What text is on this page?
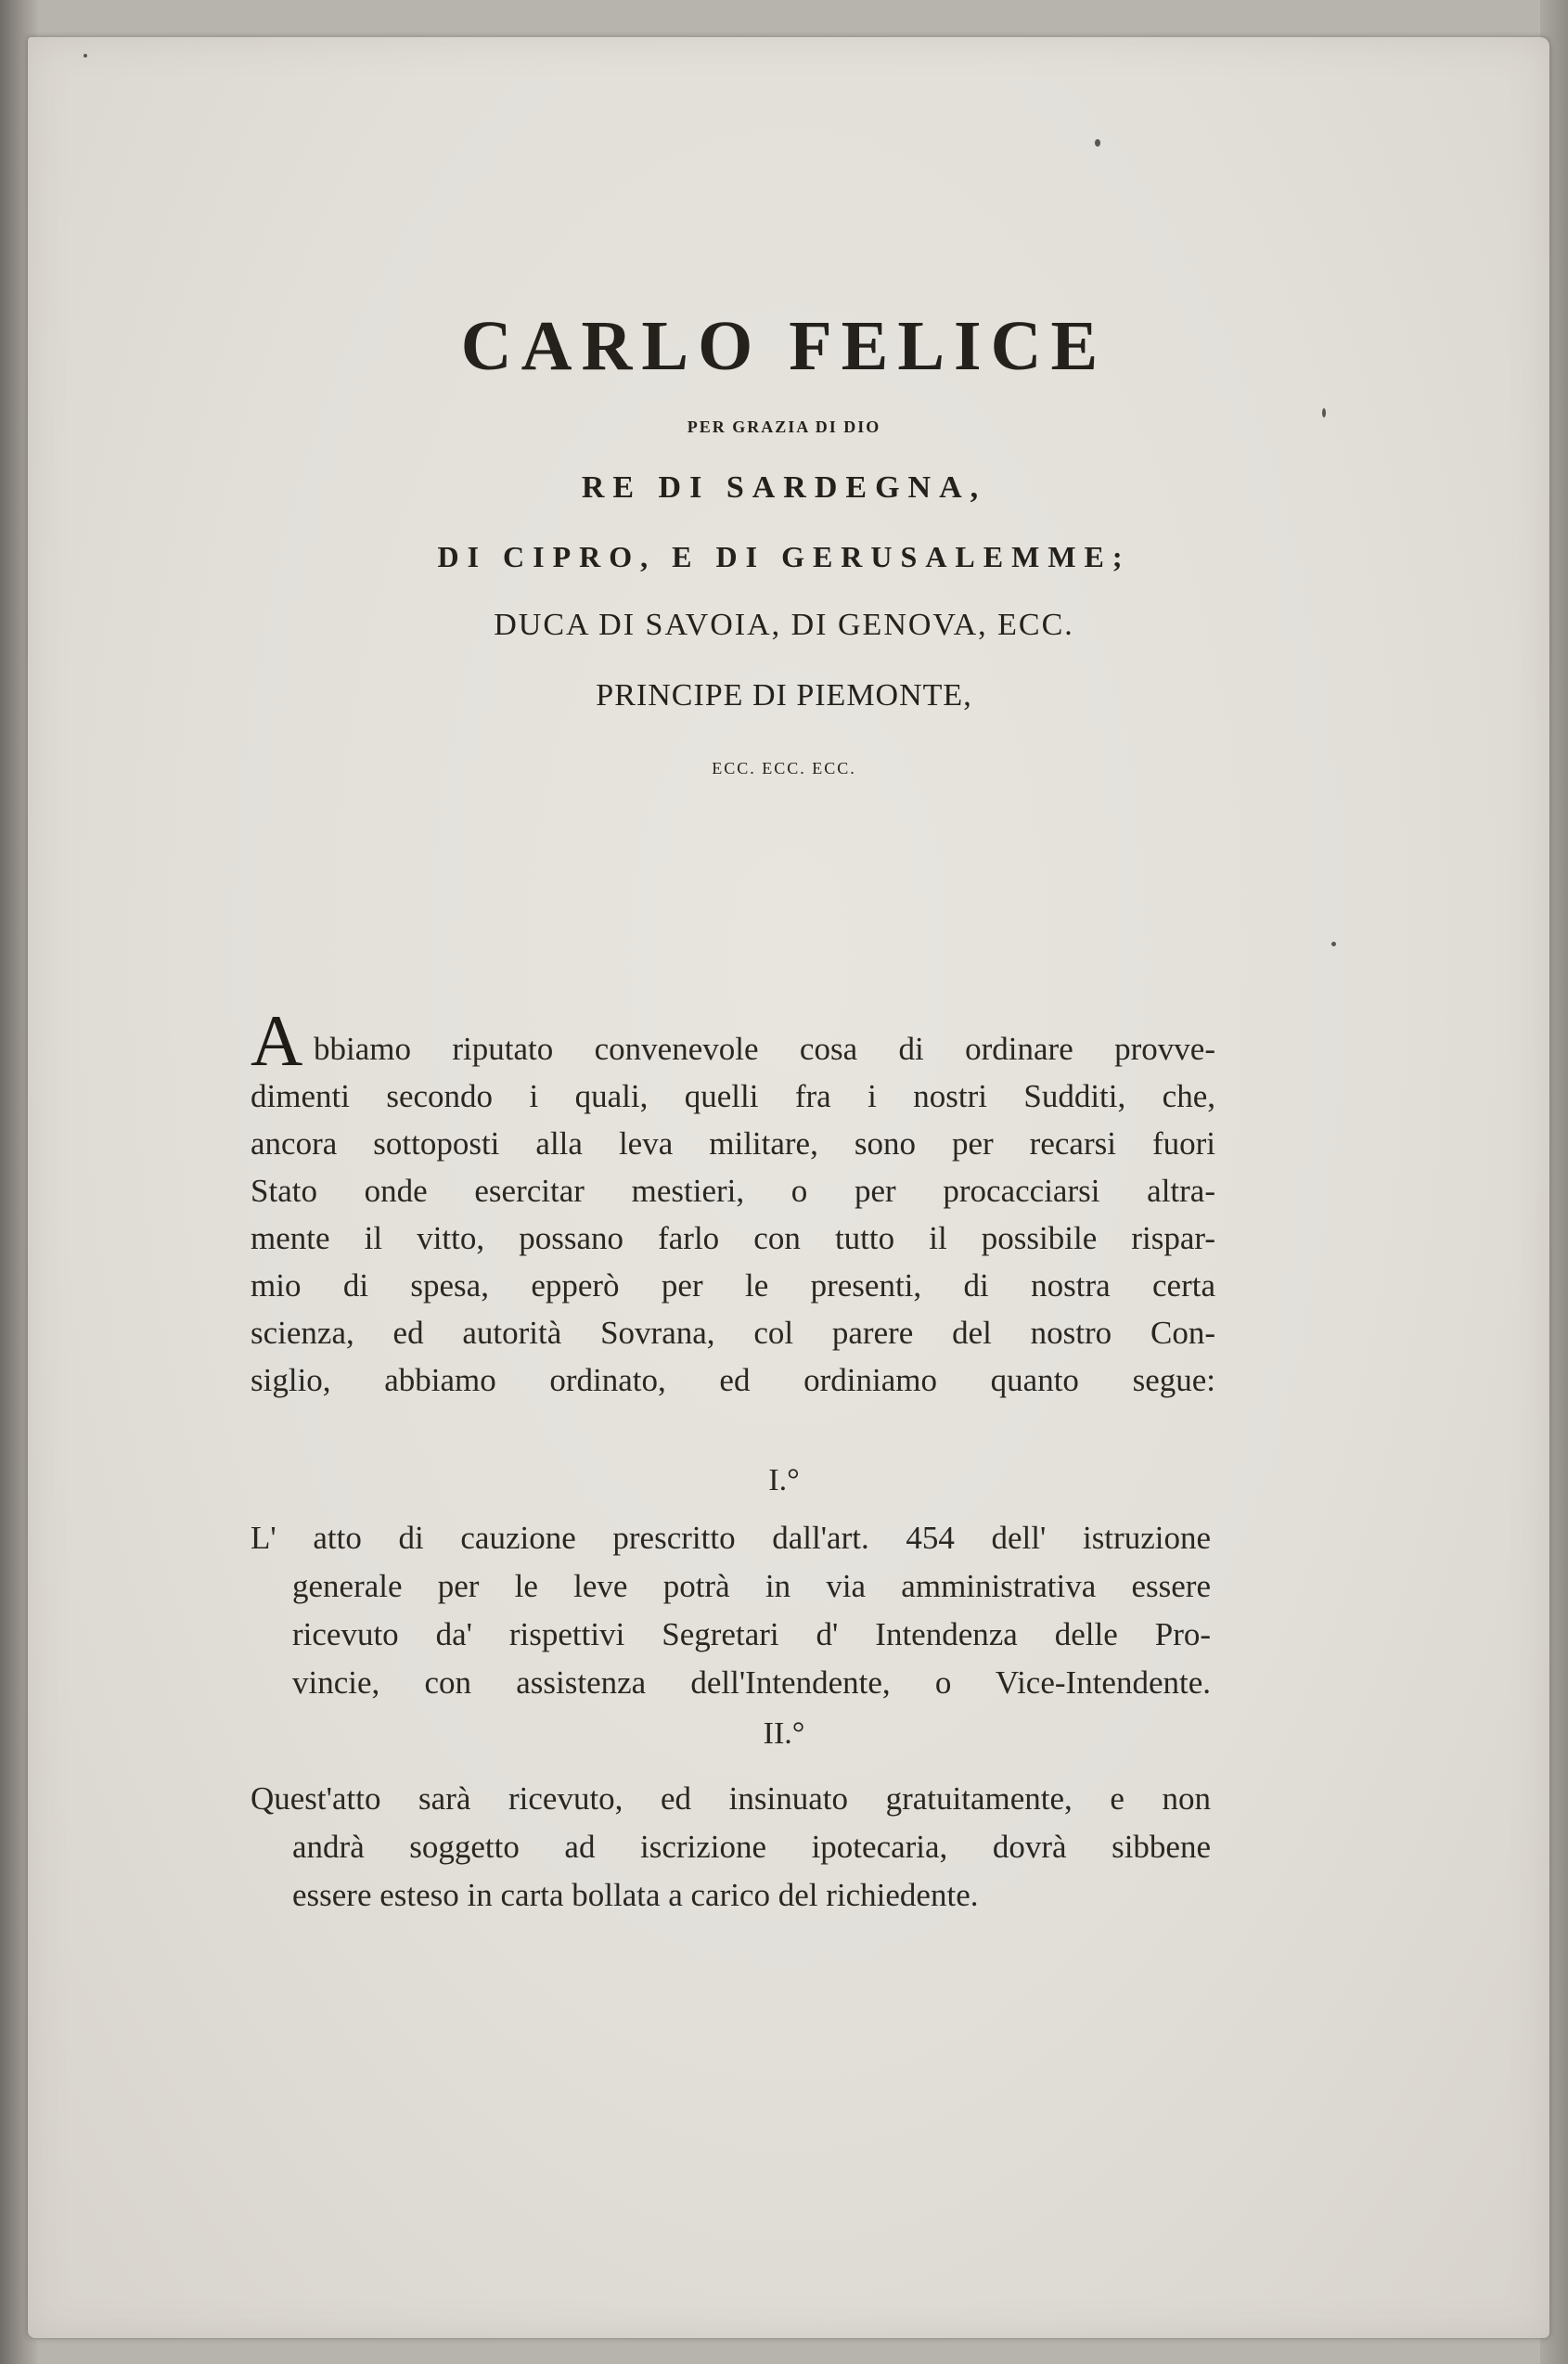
CARLO FELICE
PER GRAZIA DI DIO
RE DI SARDEGNA,
DI CIPRO, E DI GERUSALEMME;
DUCA DI SAVOIA, DI GENOVA, ECC.
PRINCIPE DI PIEMONTE,
ECC. ECC. ECC.
A bbiamo riputato convenevole cosa di ordinare provve-
dimenti secondo i quali, quelli fra i nostri Sudditi, che,
ancora sottoposti alla leva militare, sono per recarsi fuori
Stato onde esercitar mestieri, o per procacciarsi altra-
mente il vitto, possano farlo con tutto il possibile rispar-
mio di spesa, epperò per le presenti, di nostra certa
scienza, ed autorità Sovrana, col parere del nostro Con-
siglio, abbiamo ordinato, ed ordiniamo quanto segue:
I.°
L' atto di cauzione prescritto dall'art. 454 dell' istruzione
generale per le leve potrà in via amministrativa essere
ricevuto da' rispettivi Segretari d' Intendenza delle Pro-
vincie, con assistenza dell'Intendente, o Vice-Intendente.
II.°
Quest'atto sarà ricevuto, ed insinuato gratuitamente, e non
andrà soggetto ad iscrizione ipotecaria, dovrà sibbene
essere esteso in carta bollata a carico del richiedente.
